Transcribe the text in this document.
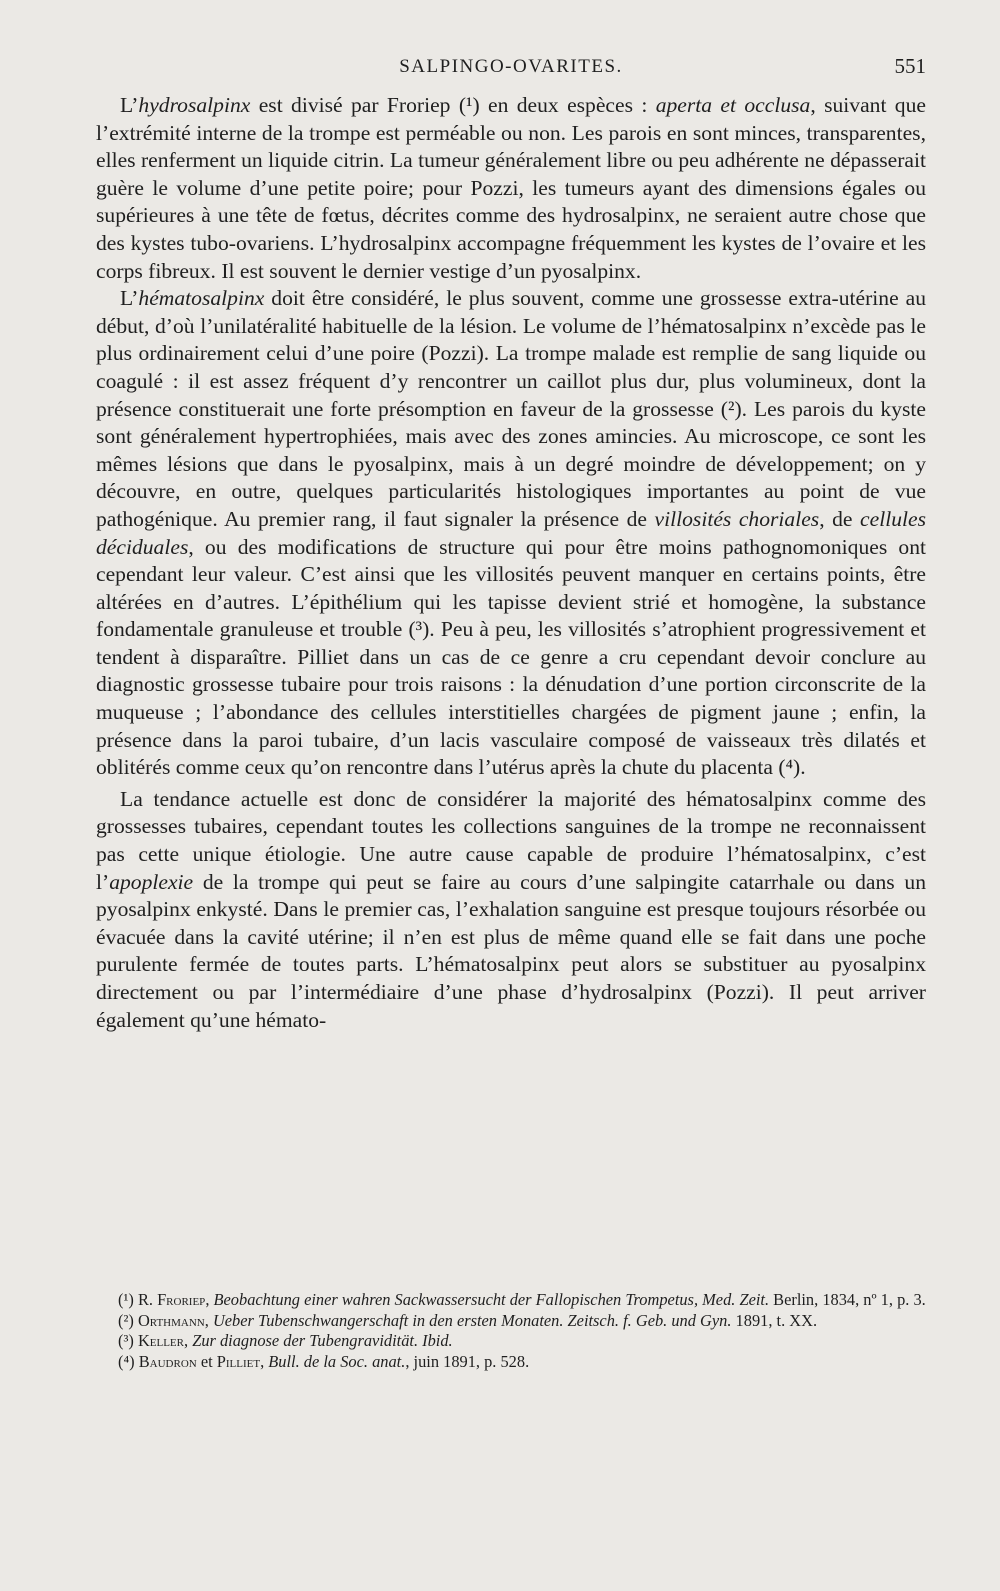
SALPINGO-OVARITES.	551

L’hydrosalpinx est divisé par Froriep (¹) en deux espèces : aperta et occlusa, suivant que l’extrémité interne de la trompe est perméable ou non. Les parois en sont minces, transparentes, elles renferment un liquide citrin. La tumeur généralement libre ou peu adhérente ne dépasserait guère le volume d’une petite poire; pour Pozzi, les tumeurs ayant des dimensions égales ou supérieures à une tête de fœtus, décrites comme des hydrosalpinx, ne seraient autre chose que des kystes tubo-ovariens. L’hydrosalpinx accompagne fréquemment les kystes de l’ovaire et les corps fibreux. Il est souvent le dernier vestige d’un pyosalpinx.

L’hématosalpinx doit être considéré, le plus souvent, comme une grossesse extra-utérine au début, d’où l’unilatéralité habituelle de la lésion. Le volume de l’hématosalpinx n’excède pas le plus ordinairement celui d’une poire (Pozzi). La trompe malade est remplie de sang liquide ou coagulé : il est assez fréquent d’y rencontrer un caillot plus dur, plus volumineux, dont la présence constituerait une forte présomption en faveur de la grossesse (²). Les parois du kyste sont généralement hypertrophiées, mais avec des zones amincies. Au microscope, ce sont les mêmes lésions que dans le pyosalpinx, mais à un degré moindre de développement; on y découvre, en outre, quelques particularités histologiques importantes au point de vue pathogénique. Au premier rang, il faut signaler la présence de villosités choriales, de cellules déciduales, ou des modifications de structure qui pour être moins pathognomoniques ont cependant leur valeur. C’est ainsi que les villosités peuvent manquer en certains points, être altérées en d’autres. L’épithélium qui les tapisse devient strié et homogène, la substance fondamentale granuleuse et trouble (³). Peu à peu, les villosités s’atrophient progressivement et tendent à disparaître. Pilliet dans un cas de ce genre a cru cependant devoir conclure au diagnostic grossesse tubaire pour trois raisons : la dénudation d’une portion circonscrite de la muqueuse ; l’abondance des cellules interstitielles chargées de pigment jaune ; enfin, la présence dans la paroi tubaire, d’un lacis vasculaire composé de vaisseaux très dilatés et oblitérés comme ceux qu’on rencontre dans l’utérus après la chute du placenta (⁴).

La tendance actuelle est donc de considérer la majorité des hématosalpinx comme des grossesses tubaires, cependant toutes les collections sanguines de la trompe ne reconnaissent pas cette unique étiologie. Une autre cause capable de produire l’hématosalpinx, c’est l’apoplexie de la trompe qui peut se faire au cours d’une salpingite catarrhale ou dans un pyosalpinx enkysté. Dans le premier cas, l’exhalation sanguine est presque toujours résorbée ou évacuée dans la cavité utérine; il n’en est plus de même quand elle se fait dans une poche purulente fermée de toutes parts. L’hématosalpinx peut alors se substituer au pyosalpinx directement ou par l’intermédiaire d’une phase d’hydrosalpinx (Pozzi). Il peut arriver également qu’une hémato-

(¹) R. Froriep, Beobachtung einer wahren Sackwassersucht der Fallopischen Trompetus, Med. Zeit. Berlin, 1834, nº 1, p. 3.

(²) Orthmann, Ueber Tubenschwangerschaft in den ersten Monaten. Zeitsch. f. Geb. und Gyn. 1891, t. XX.

(³) Keller, Zur diagnose der Tubengravidität. Ibid.

(⁴) Baudron et Pilliet, Bull. de la Soc. anat., juin 1891, p. 528.
